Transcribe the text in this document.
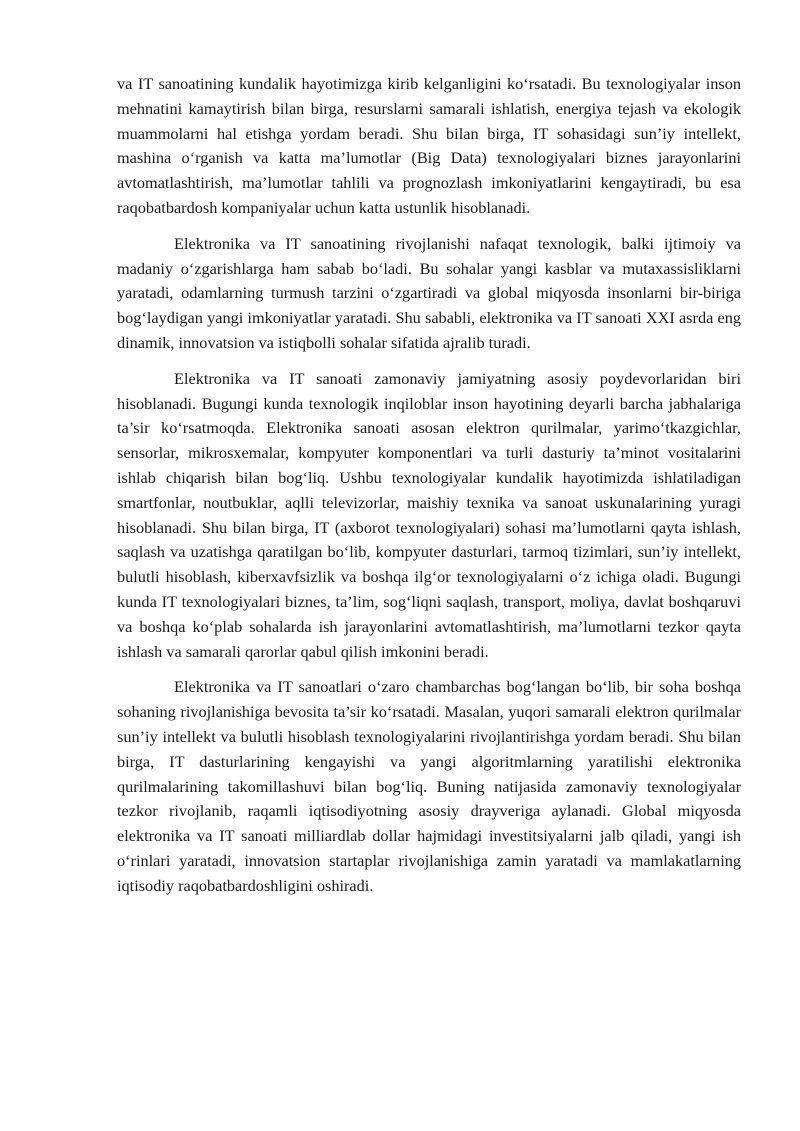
va IT sanoatining kundalik hayotimizga kirib kelganligini ko‘rsatadi. Bu texnologiyalar inson mehnatini kamaytirish bilan birga, resurslarni samarali ishlatish, energiya tejash va ekologik muammolarni hal etishga yordam beradi. Shu bilan birga, IT sohasidagi sun’iy intellekt, mashina o‘rganish va katta ma’lumotlar (Big Data) texnologiyalari biznes jarayonlarini avtomatlashtirish, ma’lumotlar tahlili va prognozlash imkoniyatlarini kengaytiradi, bu esa raqobatbardosh kompaniyalar uchun katta ustunlik hisoblanadi.

Elektronika va IT sanoatining rivojlanishi nafaqat texnologik, balki ijtimoiy va madaniy o‘zgarishlarga ham sabab bo‘ladi. Bu sohalar yangi kasblar va mutaxassisliklarni yaratadi, odamlarning turmush tarzini o‘zgartiradi va global miqyosda insonlarni bir-biriga bog‘laydigan yangi imkoniyatlar yaratadi. Shu sababli, elektronika va IT sanoati XXI asrda eng dinamik, innovatsion va istiqbolli sohalar sifatida ajralib turadi.

Elektronika va IT sanoati zamonaviy jamiyatning asosiy poydevorlaridan biri hisoblanadi. Bugungi kunda texnologik inqiloblar inson hayotining deyarli barcha jabhalariga ta’sir ko‘rsatmoqda. Elektronika sanoati asosan elektron qurilmalar, yarimo‘tkazgichlar, sensorlar, mikrosxemalar, kompyuter komponentlari va turli dasturiy ta’minot vositalarini ishlab chiqarish bilan bog‘liq. Ushbu texnologiyalar kundalik hayotimizda ishlatiladigan smartfonlar, noutbuklar, aqlli televizorlar, maishiy texnika va sanoat uskunalarining yuragi hisoblanadi. Shu bilan birga, IT (axborot texnologiyalari) sohasi ma’lumotlarni qayta ishlash, saqlash va uzatishga qaratilgan bo‘lib, kompyuter dasturlari, tarmoq tizimlari, sun’iy intellekt, bulutli hisoblash, kiberxavfsizlik va boshqa ilg‘or texnologiyalarni o‘z ichiga oladi. Bugungi kunda IT texnologiyalari biznes, ta’lim, sog‘liqni saqlash, transport, moliya, davlat boshqaruvi va boshqa ko‘plab sohalarda ish jarayonlarini avtomatlashtirish, ma’lumotlarni tezkor qayta ishlash va samarali qarorlar qabul qilish imkonini beradi.

Elektronika va IT sanoatlari o‘zaro chambarchas bog‘langan bo‘lib, bir soha boshqa sohaning rivojlanishiga bevosita ta’sir ko‘rsatadi. Masalan, yuqori samarali elektron qurilmalar sun’iy intellekt va bulutli hisoblash texnologiyalarini rivojlantirishga yordam beradi. Shu bilan birga, IT dasturlarining kengayishi va yangi algoritmlarning yaratilishi elektronika qurilmalarining takomillashuvi bilan bog‘liq. Buning natijasida zamonaviy texnologiyalar tezkor rivojlanib, raqamli iqtisodiyotning asosiy drayveriga aylanadi. Global miqyosda elektronika va IT sanoati milliardlab dollar hajmidagi investitsiyalarni jalb qiladi, yangi ish o‘rinlari yaratadi, innovatsion startaplar rivojlanishiga zamin yaratadi va mamlakatlarning iqtisodiy raqobatbardoshligini oshiradi.
